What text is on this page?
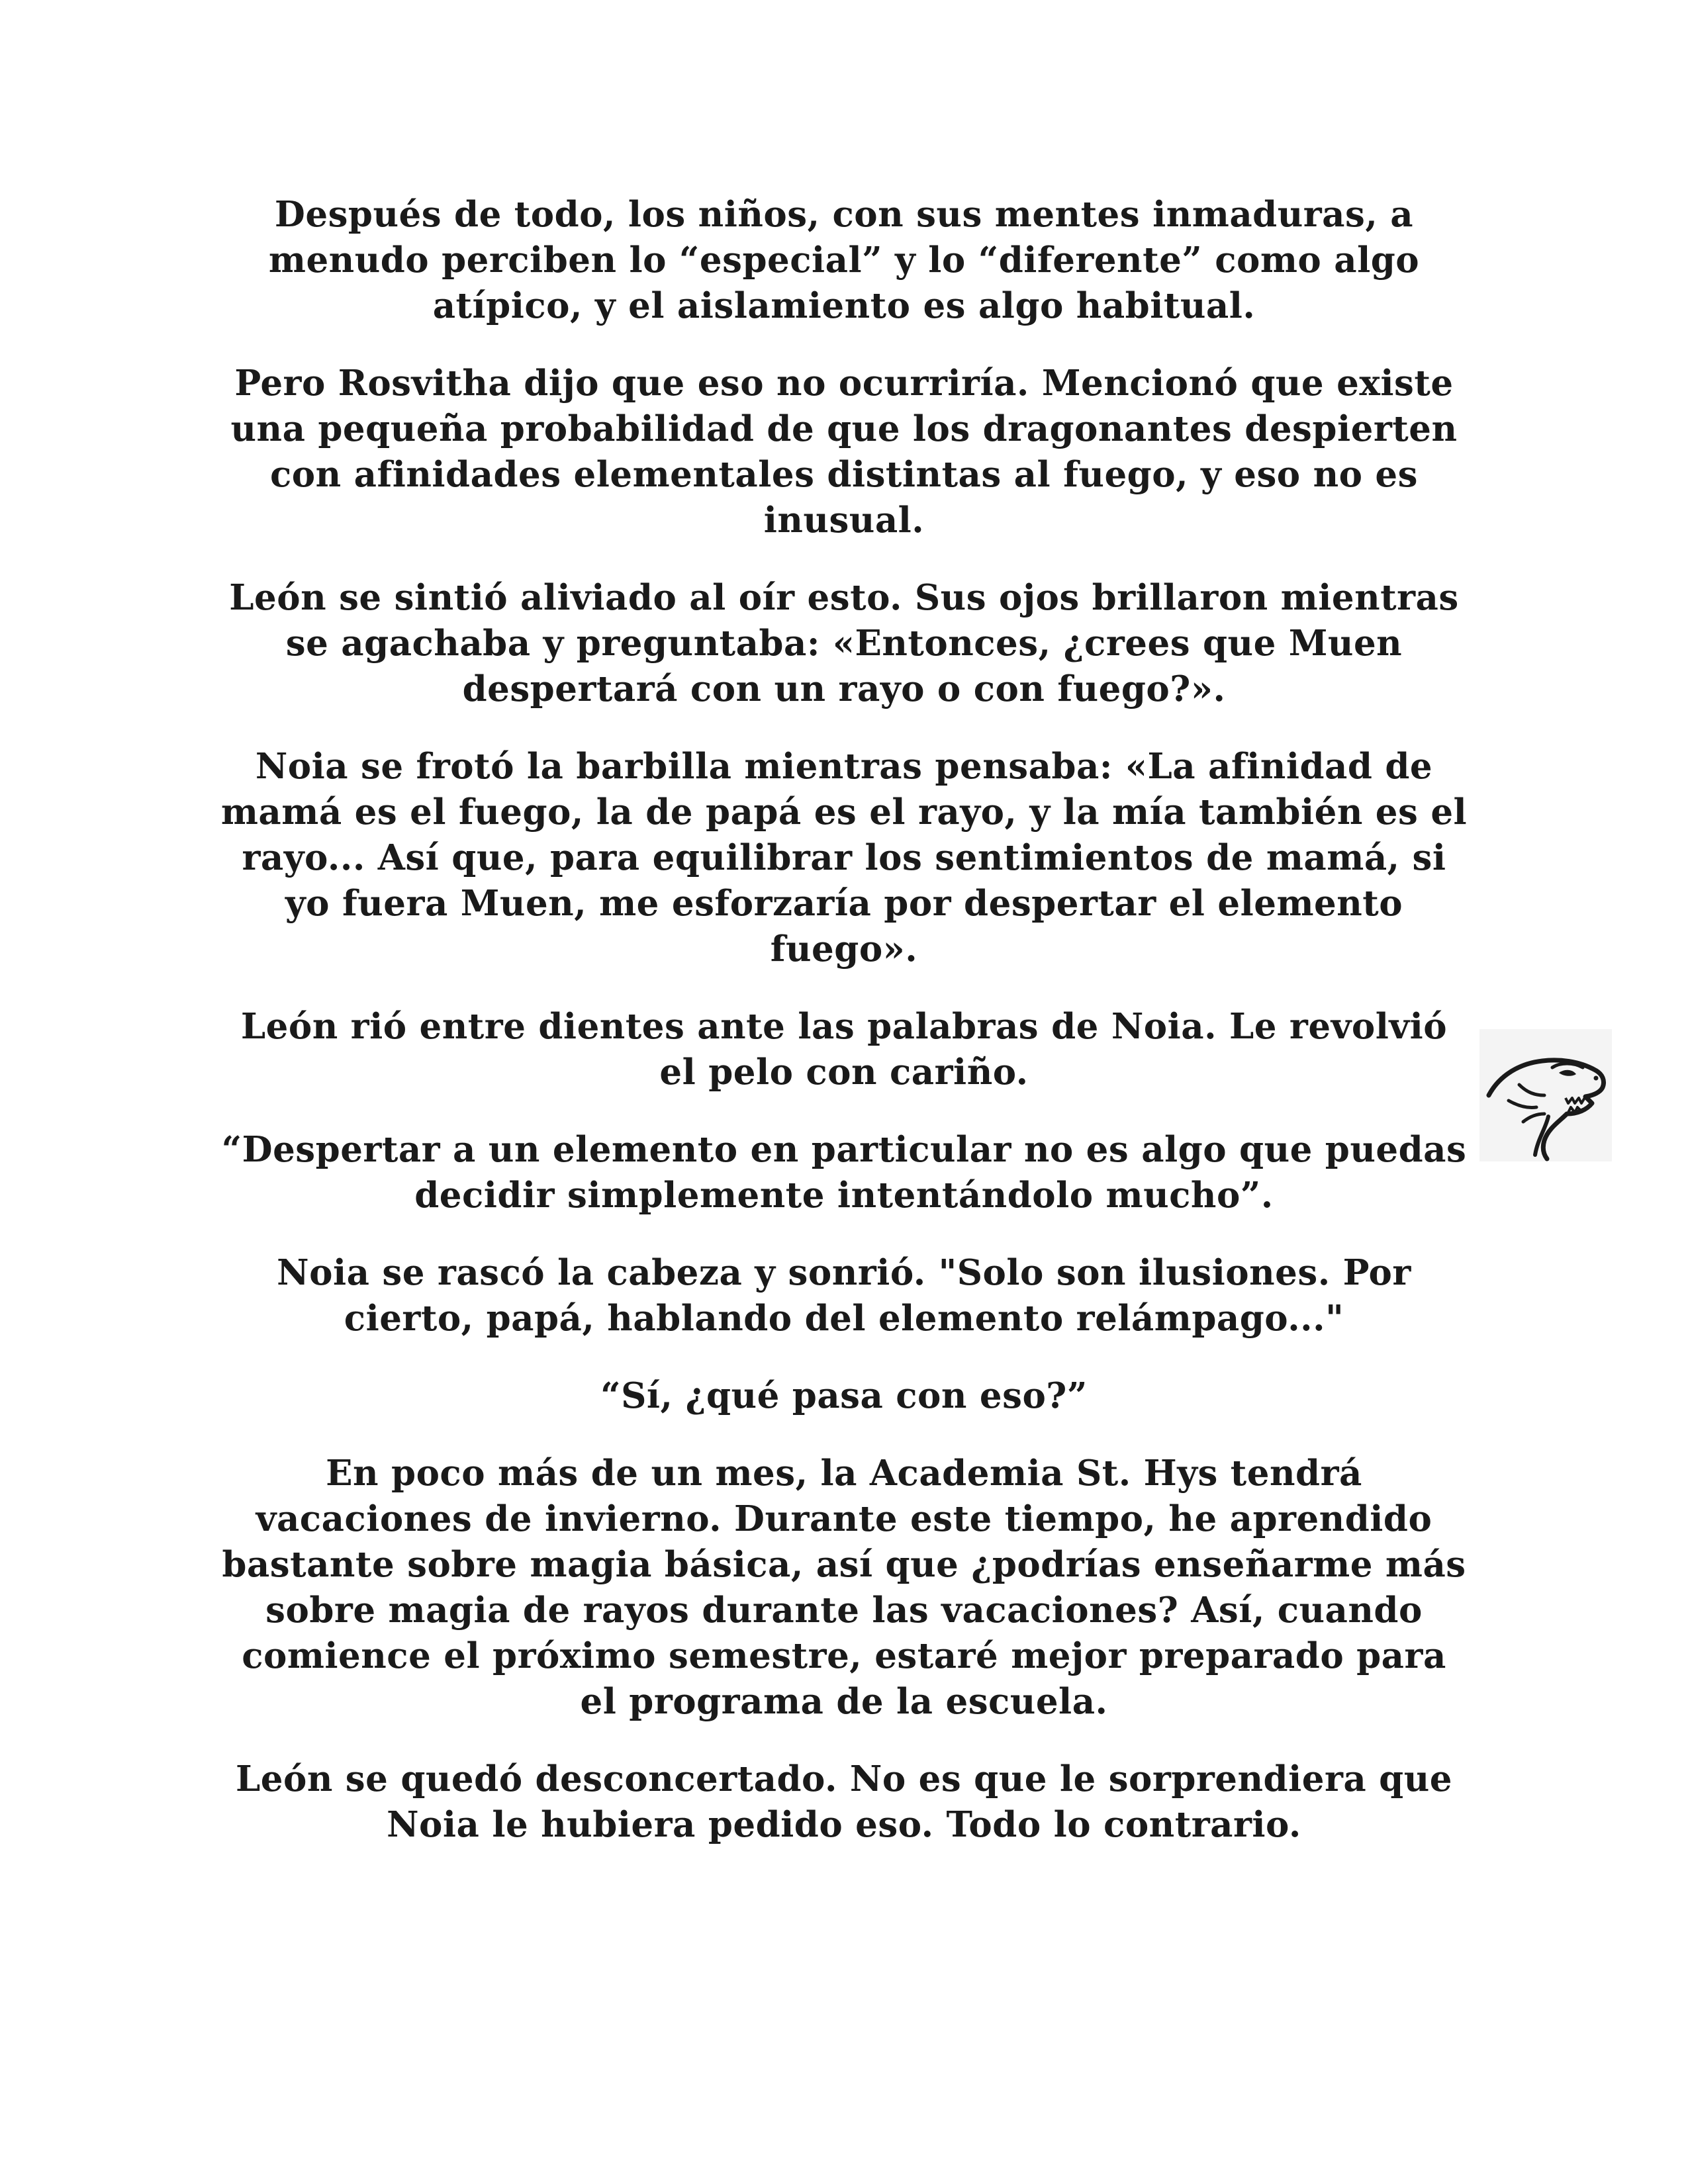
Después de todo, los niños, con sus mentes inmaduras, a menudo perciben lo “especial” y lo “diferente” como algo atípico, y el aislamiento es algo habitual.

Pero Rosvitha dijo que eso no ocurriría. Mencionó que existe una pequeña probabilidad de que los dragonantes despierten con afinidades elementales distintas al fuego, y eso no es inusual.

León se sintió aliviado al oír esto. Sus ojos brillaron mientras se agachaba y preguntaba: «Entonces, ¿crees que Muen despertará con un rayo o con fuego?».

Noia se frotó la barbilla mientras pensaba: «La afinidad de mamá es el fuego, la de papá es el rayo, y la mía también es el rayo... Así que, para equilibrar los sentimientos de mamá, si yo fuera Muen, me esforzaría por despertar el elemento fuego».

León rió entre dientes ante las palabras de Noia. Le revolvió el pelo con cariño.

“Despertar a un elemento en particular no es algo que puedas decidir simplemente intentándolo mucho”.

Noia se rascó la cabeza y sonrió. "Solo son ilusiones. Por cierto, papá, hablando del elemento relámpago..."

“Sí, ¿qué pasa con eso?”

En poco más de un mes, la Academia St. Hys tendrá vacaciones de invierno. Durante este tiempo, he aprendido bastante sobre magia básica, así que ¿podrías enseñarme más sobre magia de rayos durante las vacaciones? Así, cuando comience el próximo semestre, estaré mejor preparado para el programa de la escuela.

León se quedó desconcertado. No es que le sorprendiera que Noia le hubiera pedido eso. Todo lo contrario.
